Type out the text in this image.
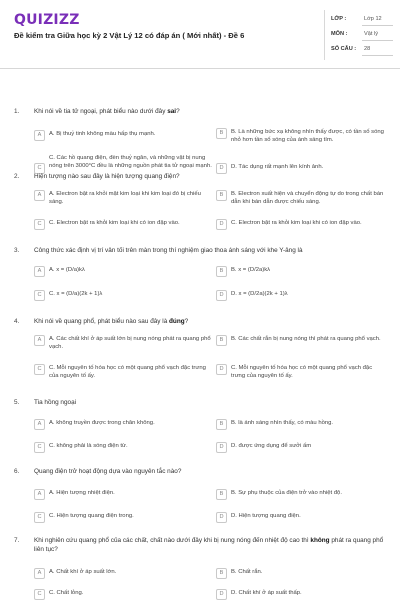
QUIZIZZ
Đề kiểm tra Giữa học kỳ 2 Vật Lý 12 có đáp án ( Mới nhất) - Đề 6
LỚP :	Lớp 12
MÔN :	Vật lý
SỐ CÂU : 28
1. Khi nói về tia tử ngoại, phát biểu nào dưới đây sai?
A	A. Bị thuỷ tinh không màu hấp thụ mạnh.	B	B. Là những bức xạ không nhìn thấy được, có tần số sóng nhỏ hơn tần số sóng của ánh sáng tím.
C
C. Các hồ quang điện, đèn thuỷ ngân, và những vật bị nung nóng trên 3000°C đều là những nguồn phát tia tử ngoại mạnh.	D	D. Tác dụng rất mạnh lên kính ảnh.
2. Hiện tượng nào sau đây là hiện tượng quang điện?
A	A. Electron bật ra khỏi mặt kim loại khi kim loại đó bị chiếu sáng.
B	B. Electron xuất hiện và chuyển động tự do trong chất bán dẫn khi bán dẫn được chiếu sáng.
C	C. Electron bật ra khỏi kim loại khi có ion đập vào.	D	C. Electron bật ra khỏi kim loại khi có ion đập vào.
3. Công thức xác định vị trí vân tối trên màn trong thí nghiệm giao thoa ánh sáng với khe Y-âng là
A	A. x = (D/a)kλ	B	B. x = (D/2a)kλ
C	C. x = (D/a)(2k + 1)λ	D	D. x = (D/2a)(2k + 1)λ
4. Khi nói về quang phổ, phát biểu nào sau đây là đúng?
A	A. Các chất khí ở áp suất lớn bị nung nóng phát ra quang phổ vạch.
B	B. Các chất rắn bị nung nóng thì phát ra quang phổ vạch.
C	C. Mỗi nguyên tố hóa học có một quang phổ vạch đặc trưng của nguyên tố ấy.
D	C. Mỗi nguyên tố hóa học có một quang phổ vạch đặc trưng của nguyên tố ấy.
5. Tia hồng ngoại
A	A. không truyền được trong chân không.	B	B. là ánh sáng nhìn thấy, có màu hồng.
C	C. không phải là sóng điện từ.	D	D. được ứng dụng để sưởi ấm
6. Quang điện trở hoạt động dựa vào nguyên tắc nào?
A	A. Hiện tượng nhiệt điện.	B	B. Sự phụ thuộc của điện trở vào nhiệt độ.
C	C. Hiện tượng quang điện trong.	D	D. Hiện tượng quang điện.
7. Khi nghiên cứu quang phổ của các chất, chất nào dưới đây khi bị nung nóng đến nhiệt độ cao thì không phát ra quang phổ liên tục?
A	A. Chất khí ở áp suất lớn.	B	B. Chất rắn.
C	C. Chất lỏng.	D	D. Chất khí ở áp suất thấp.
